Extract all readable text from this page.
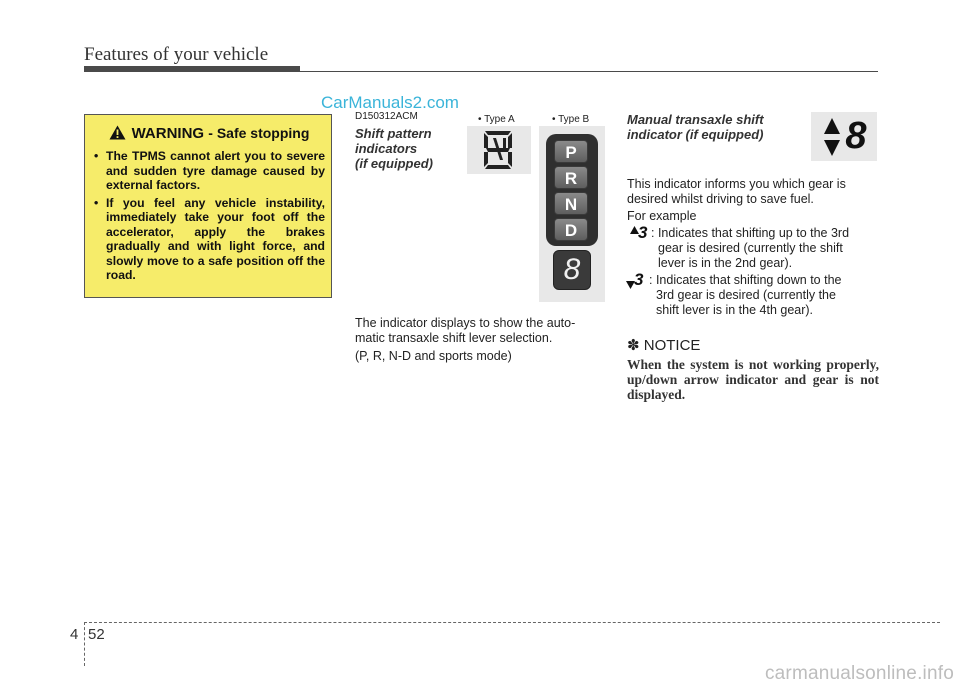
Features of your vehicle
CarManuals2.com
WARNING - Safe stopping
• The TPMS cannot alert you to severe and sudden tyre damage caused by external factors.
• If you feel any vehicle instability, immediately take your foot off the accelerator, apply the brakes gradually and with light force, and slowly move to a safe position off the road.
D150312ACM
Shift pattern
indicators
(if equipped)
• Type A	• Type B
P
R
N
D
8
The indicator displays to show the auto-
matic transaxle shift lever selection.
(P, R, N-D and sports mode)
Manual transaxle shift
indicator (if equipped) 8
This indicator informs you which gear is
desired whilst driving to save fuel.
For example
3 : Indicates that shifting up to the 3rd
gear is desired (currently the shift
lever is in the 2nd gear).
3 : Indicates that shifting down to the
3rd gear is desired (currently the
shift lever is in the 4th gear).
✽ NOTICE
When the system is not working properly, up/down arrow indicator and gear is not displayed.
4 52
carmanualsonline.info
